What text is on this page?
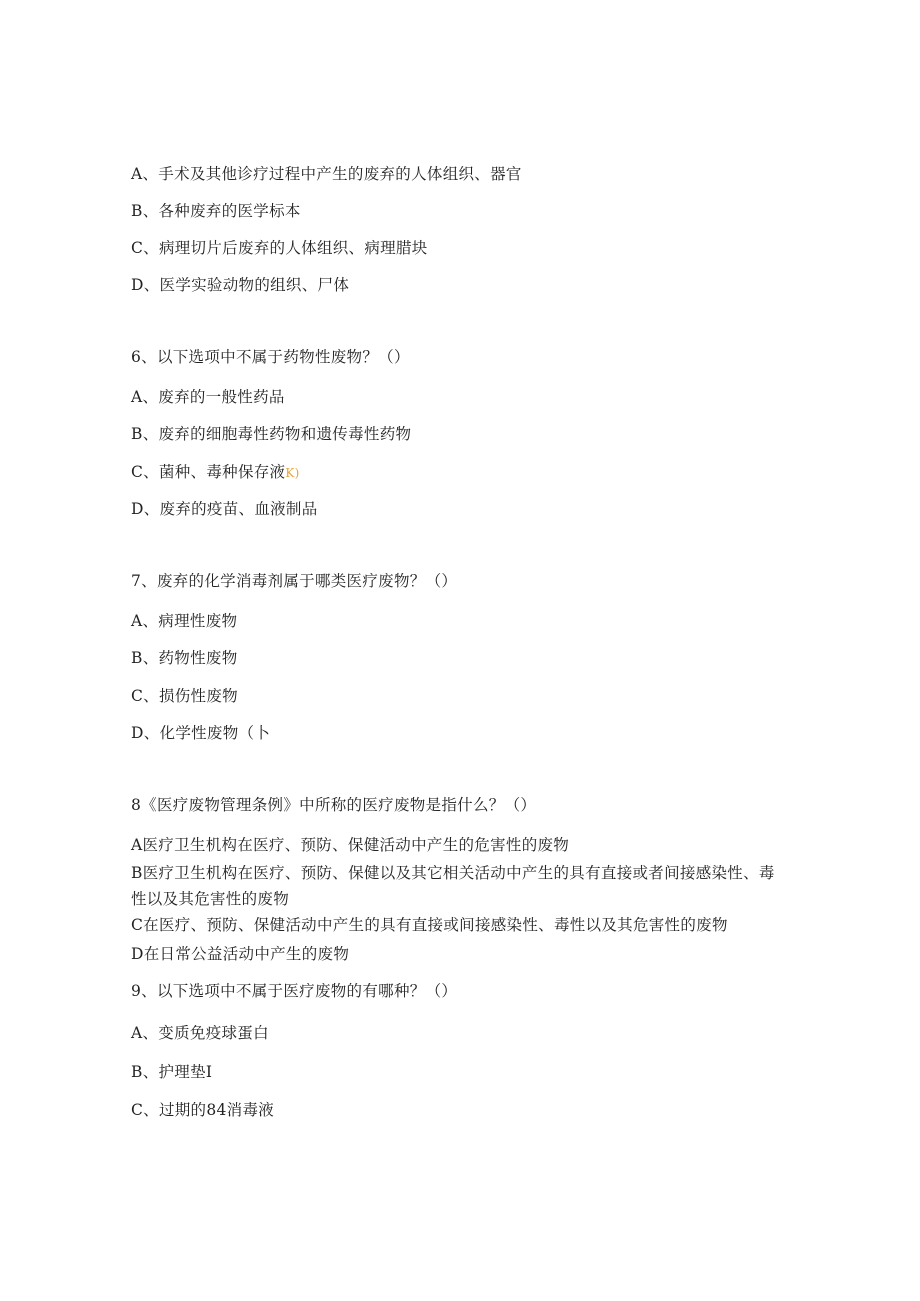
A、手术及其他诊疗过程中产生的废弃的人体组织、器官
B、各种废弃的医学标本
C、病理切片后废弃的人体组织、病理腊块
D、医学实验动物的组织、尸体
6、以下选项中不属于药物性废物？（）
A、废弃的一般性药品
B、废弃的细胞毒性药物和遗传毒性药物
C、菌种、毒种保存液K)
D、废弃的疫苗、血液制品
7、废弃的化学消毒剂属于哪类医疗废物？（）
A、病理性废物
B、药物性废物
C、损伤性废物
D、化学性废物（卜
8《医疗废物管理条例》中所称的医疗废物是指什么？（）
A医疗卫生机构在医疗、预防、保健活动中产生的危害性的废物
B医疗卫生机构在医疗、预防、保健以及其它相关活动中产生的具有直接或者间接感染性、毒性以及其危害性的废物
C在医疗、预防、保健活动中产生的具有直接或间接感染性、毒性以及其危害性的废物
D在日常公益活动中产生的废物
9、以下选项中不属于医疗废物的有哪种？（）
A、变质免疫球蛋白
B、护理垫I
C、过期的84消毒液
